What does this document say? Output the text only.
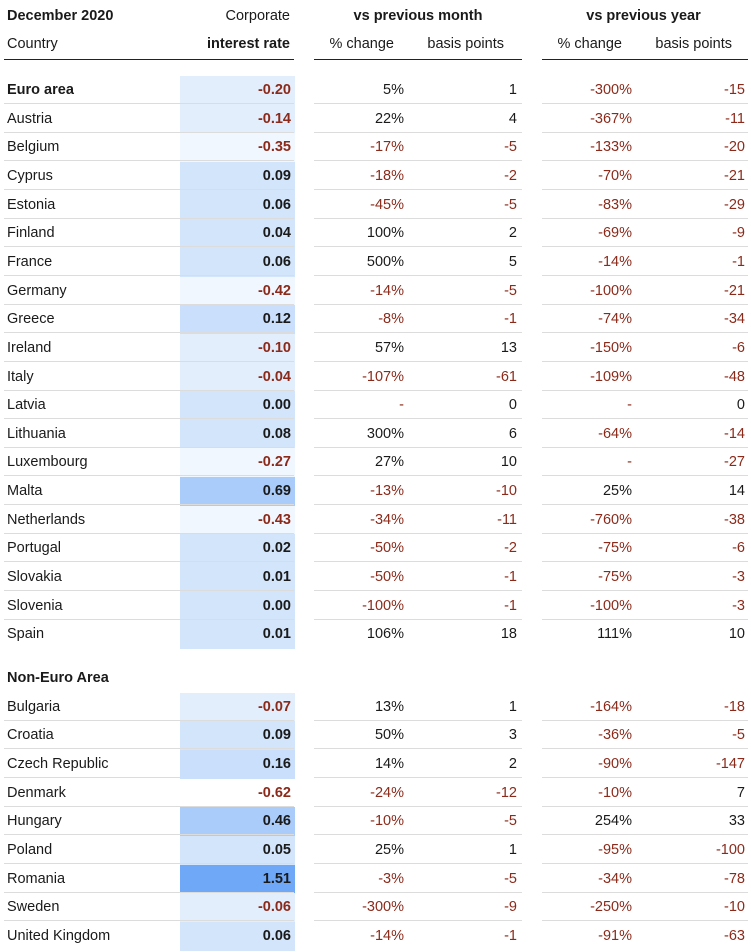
December 2020	Corporate	vs previous month	vs previous year
Country	interest rate	% change	basis points	% change	basis points
Euro area	-0.20	5%	1	-300%	-15
Austria	-0.14	22%	4	-367%	-11
Belgium	-0.35	-17%	-5	-133%	-20
Cyprus	0.09	-18%	-2	-70%	-21
Estonia	0.06	-45%	-5	-83%	-29
Finland	0.04	100%	2	-69%	-9
France	0.06	500%	5	-14%	-1
Germany	-0.42	-14%	-5	-100%	-21
Greece	0.12	-8%	-1	-74%	-34
Ireland	-0.10	57%	13	-150%	-6
Italy	-0.04	-107%	-61	-109%	-48
Latvia	0.00	-	0	-	0
Lithuania	0.08	300%	6	-64%	-14
Luxembourg	-0.27	27%	10	-	-27
Malta	0.69	-13%	-10	25%	14
Netherlands	-0.43	-34%	-11	-760%	-38
Portugal	0.02	-50%	-2	-75%	-6
Slovakia	0.01	-50%	-1	-75%	-3
Slovenia	0.00	-100%	-1	-100%	-3
Spain	0.01	106%	18	111%	10
Non-Euro Area
Bulgaria	-0.07	13%	1	-164%	-18
Croatia	0.09	50%	3	-36%	-5
Czech Republic	0.16	14%	2	-90%	-147
Denmark	-0.62	-24%	-12	-10%	7
Hungary	0.46	-10%	-5	254%	33
Poland	0.05	25%	1	-95%	-100
Romania	1.51	-3%	-5	-34%	-78
Sweden	-0.06	-300%	-9	-250%	-10
United Kingdom	0.06	-14%	-1	-91%	-63
